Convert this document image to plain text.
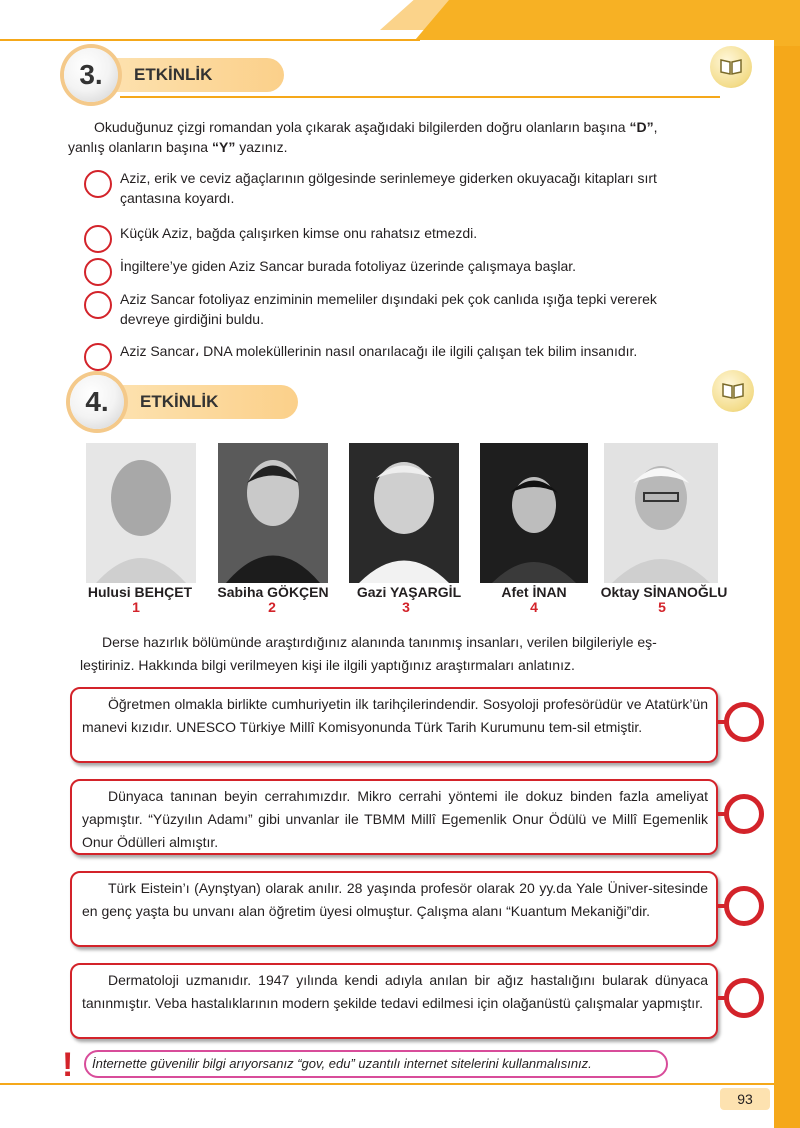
ETKİNLİK
3.
Okuduğunuz çizgi romandan yola çıkarak aşağıdaki bilgilerden doğru olanların başına “D”,
yanlış olanların başına “Y” yazınız.
Aziz, erik ve ceviz ağaçlarının gölgesinde serinlemeye giderken okuyacağı kitapları sırt
çantasına koyardı.
Küçük Aziz, bağda çalışırken kimse onu rahatsız etmezdi.
İngiltere’ye giden Aziz Sancar burada fotoliyaz üzerinde çalışmaya başlar.
Aziz Sancar fotoliyaz enziminin memeliler dışındaki pek çok canlıda ışığa tepki vererek
devreye girdiğini buldu.
Aziz Sancar، DNA moleküllerinin nasıl onarılacağı ile ilgili çalışan tek bilim insanıdır.
ETKİNLİK
4.
Hulusi BEHÇET	Sabiha GÖKÇEN	Gazi YAŞARGİL	Afet İNAN	Oktay SİNANOĞLU
1	2	3	4	5
Derse hazırlık bölümünde araştırdığınız alanında tanınmış insanları, verilen bilgileriyle eş-
leştiriniz. Hakkında bilgi verilmeyen kişi ile ilgili yaptığınız araştırmaları anlatınız.
Öğretmen olmakla birlikte cumhuriyetin ilk tarihçilerindendir. Sosyoloji profesörüdür ve Atatürk’ün manevi kızıdır. UNESCO Türkiye Millî Komisyonunda Türk Tarih Kurumunu tem-sil etmiştir.
Dünyaca tanınan beyin cerrahımızdır. Mikro cerrahi yöntemi ile dokuz binden fazla ameliyat yapmıştır. “Yüzyılın Adamı” gibi unvanlar ile TBMM Millî Egemenlik Onur Ödülü ve Millî Egemenlik Onur Ödülleri almıştır.
Türk Eistein’ı (Aynştyan) olarak anılır. 28 yaşında profesör olarak 20 yy.da Yale Üniver-sitesinde en genç yaşta bu unvanı alan öğretim üyesi olmuştur. Çalışma alanı “Kuantum Mekaniği”dir.
Dermatoloji uzmanıdır. 1947 yılında kendi adıyla anılan bir ağız hastalığını bularak dünyaca tanınmıştır. Veba hastalıklarının modern şekilde tedavi edilmesi için olağanüstü çalışmalar yapmıştır.
!	İnternette güvenilir bilgi arıyorsanız “gov, edu” uzantılı internet sitelerini kullanmalısınız.
93
